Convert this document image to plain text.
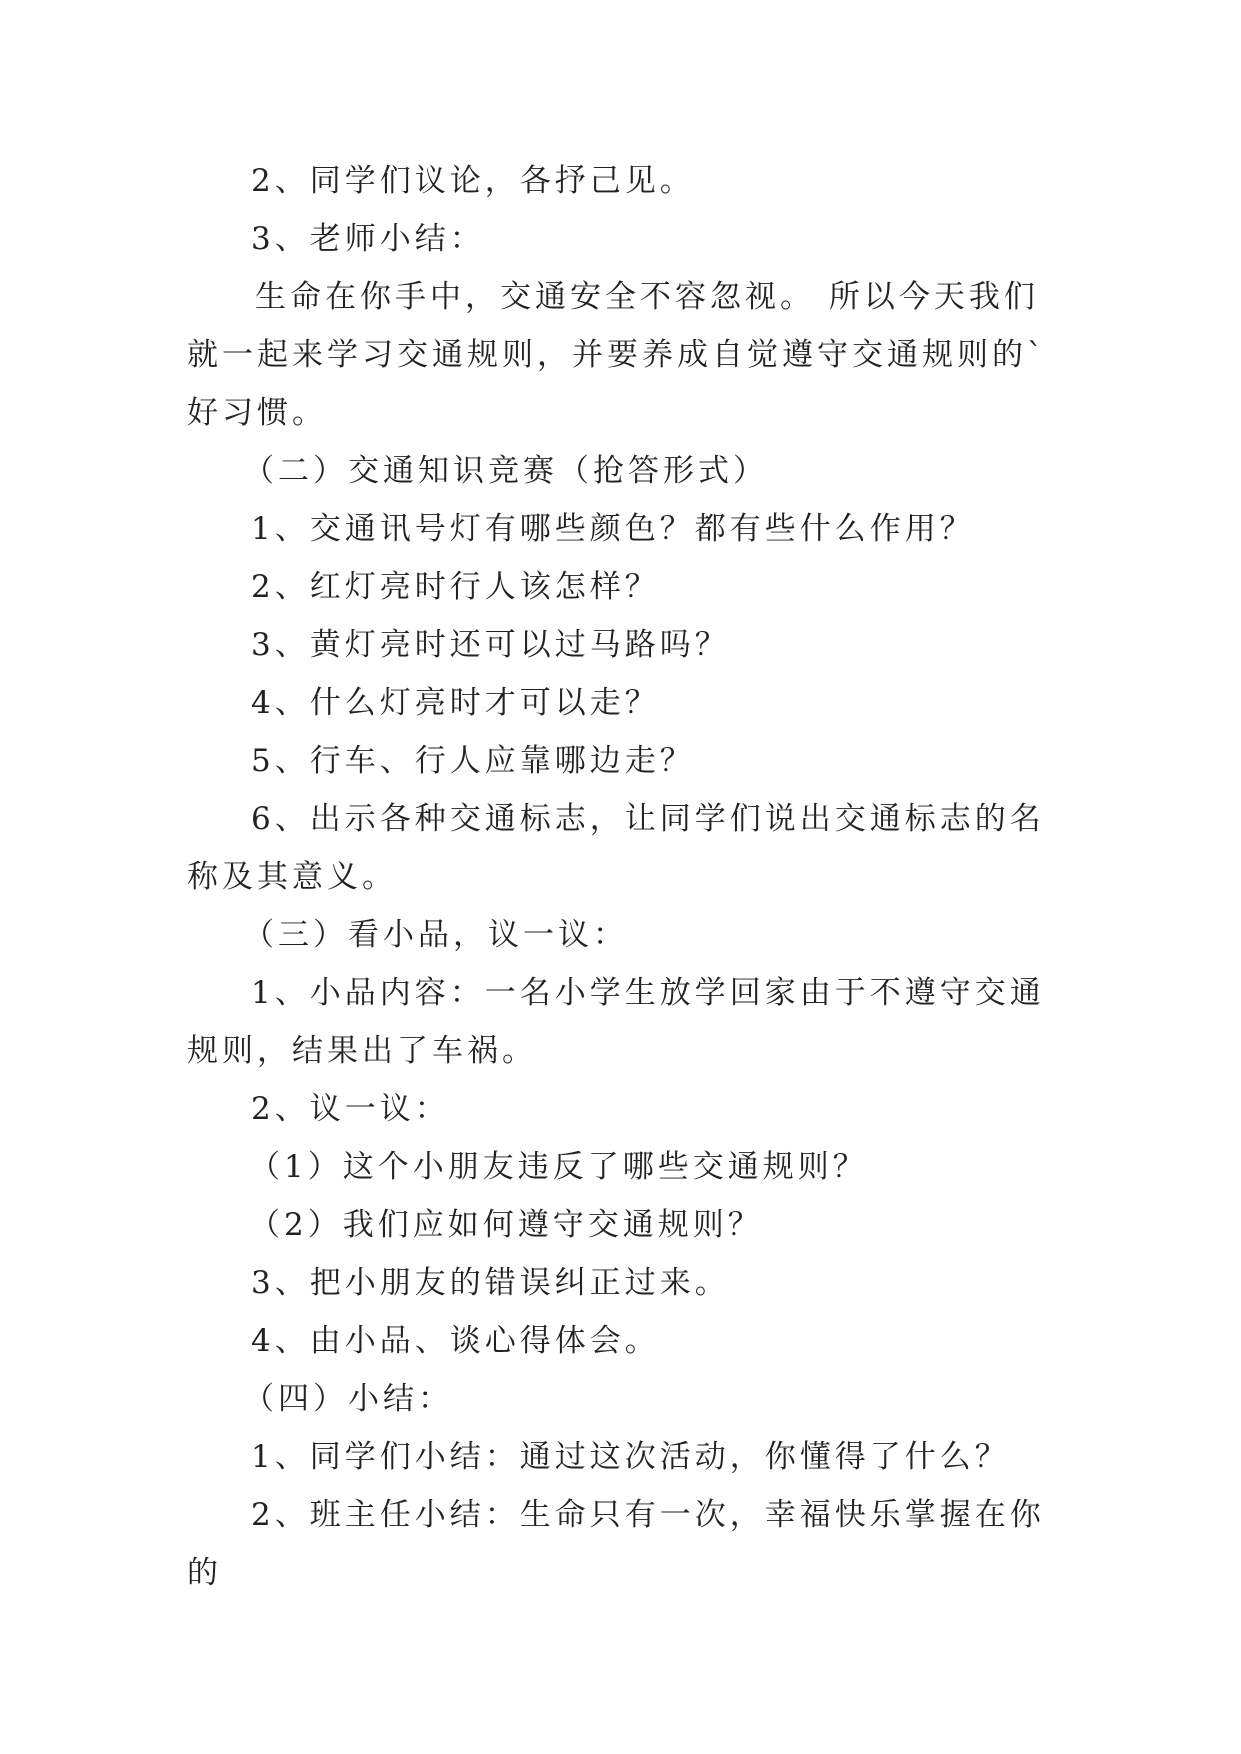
2、同学们议论，各抒己见。

3、老师小结：

生命在你手中，交通安全不容忽视。 所以今天我们就一起来学习交通规则，并要养成自觉遵守交通规则的`好习惯。

（二）交通知识竞赛（抢答形式）

1、交通讯号灯有哪些颜色？都有些什么作用？

2、红灯亮时行人该怎样？

3、黄灯亮时还可以过马路吗？

4、什么灯亮时才可以走？

5、行车、行人应靠哪边走？

6、出示各种交通标志，让同学们说出交通标志的名称及其意义。

（三）看小品，议一议：

1、小品内容：一名小学生放学回家由于不遵守交通规则，结果出了车祸。

2、议一议：

（1）这个小朋友违反了哪些交通规则？

（2）我们应如何遵守交通规则？

3、把小朋友的错误纠正过来。

4、由小品、谈心得体会。

（四）小结：

1、同学们小结：通过这次活动，你懂得了什么？

2、班主任小结：生命只有一次，幸福快乐掌握在你的
